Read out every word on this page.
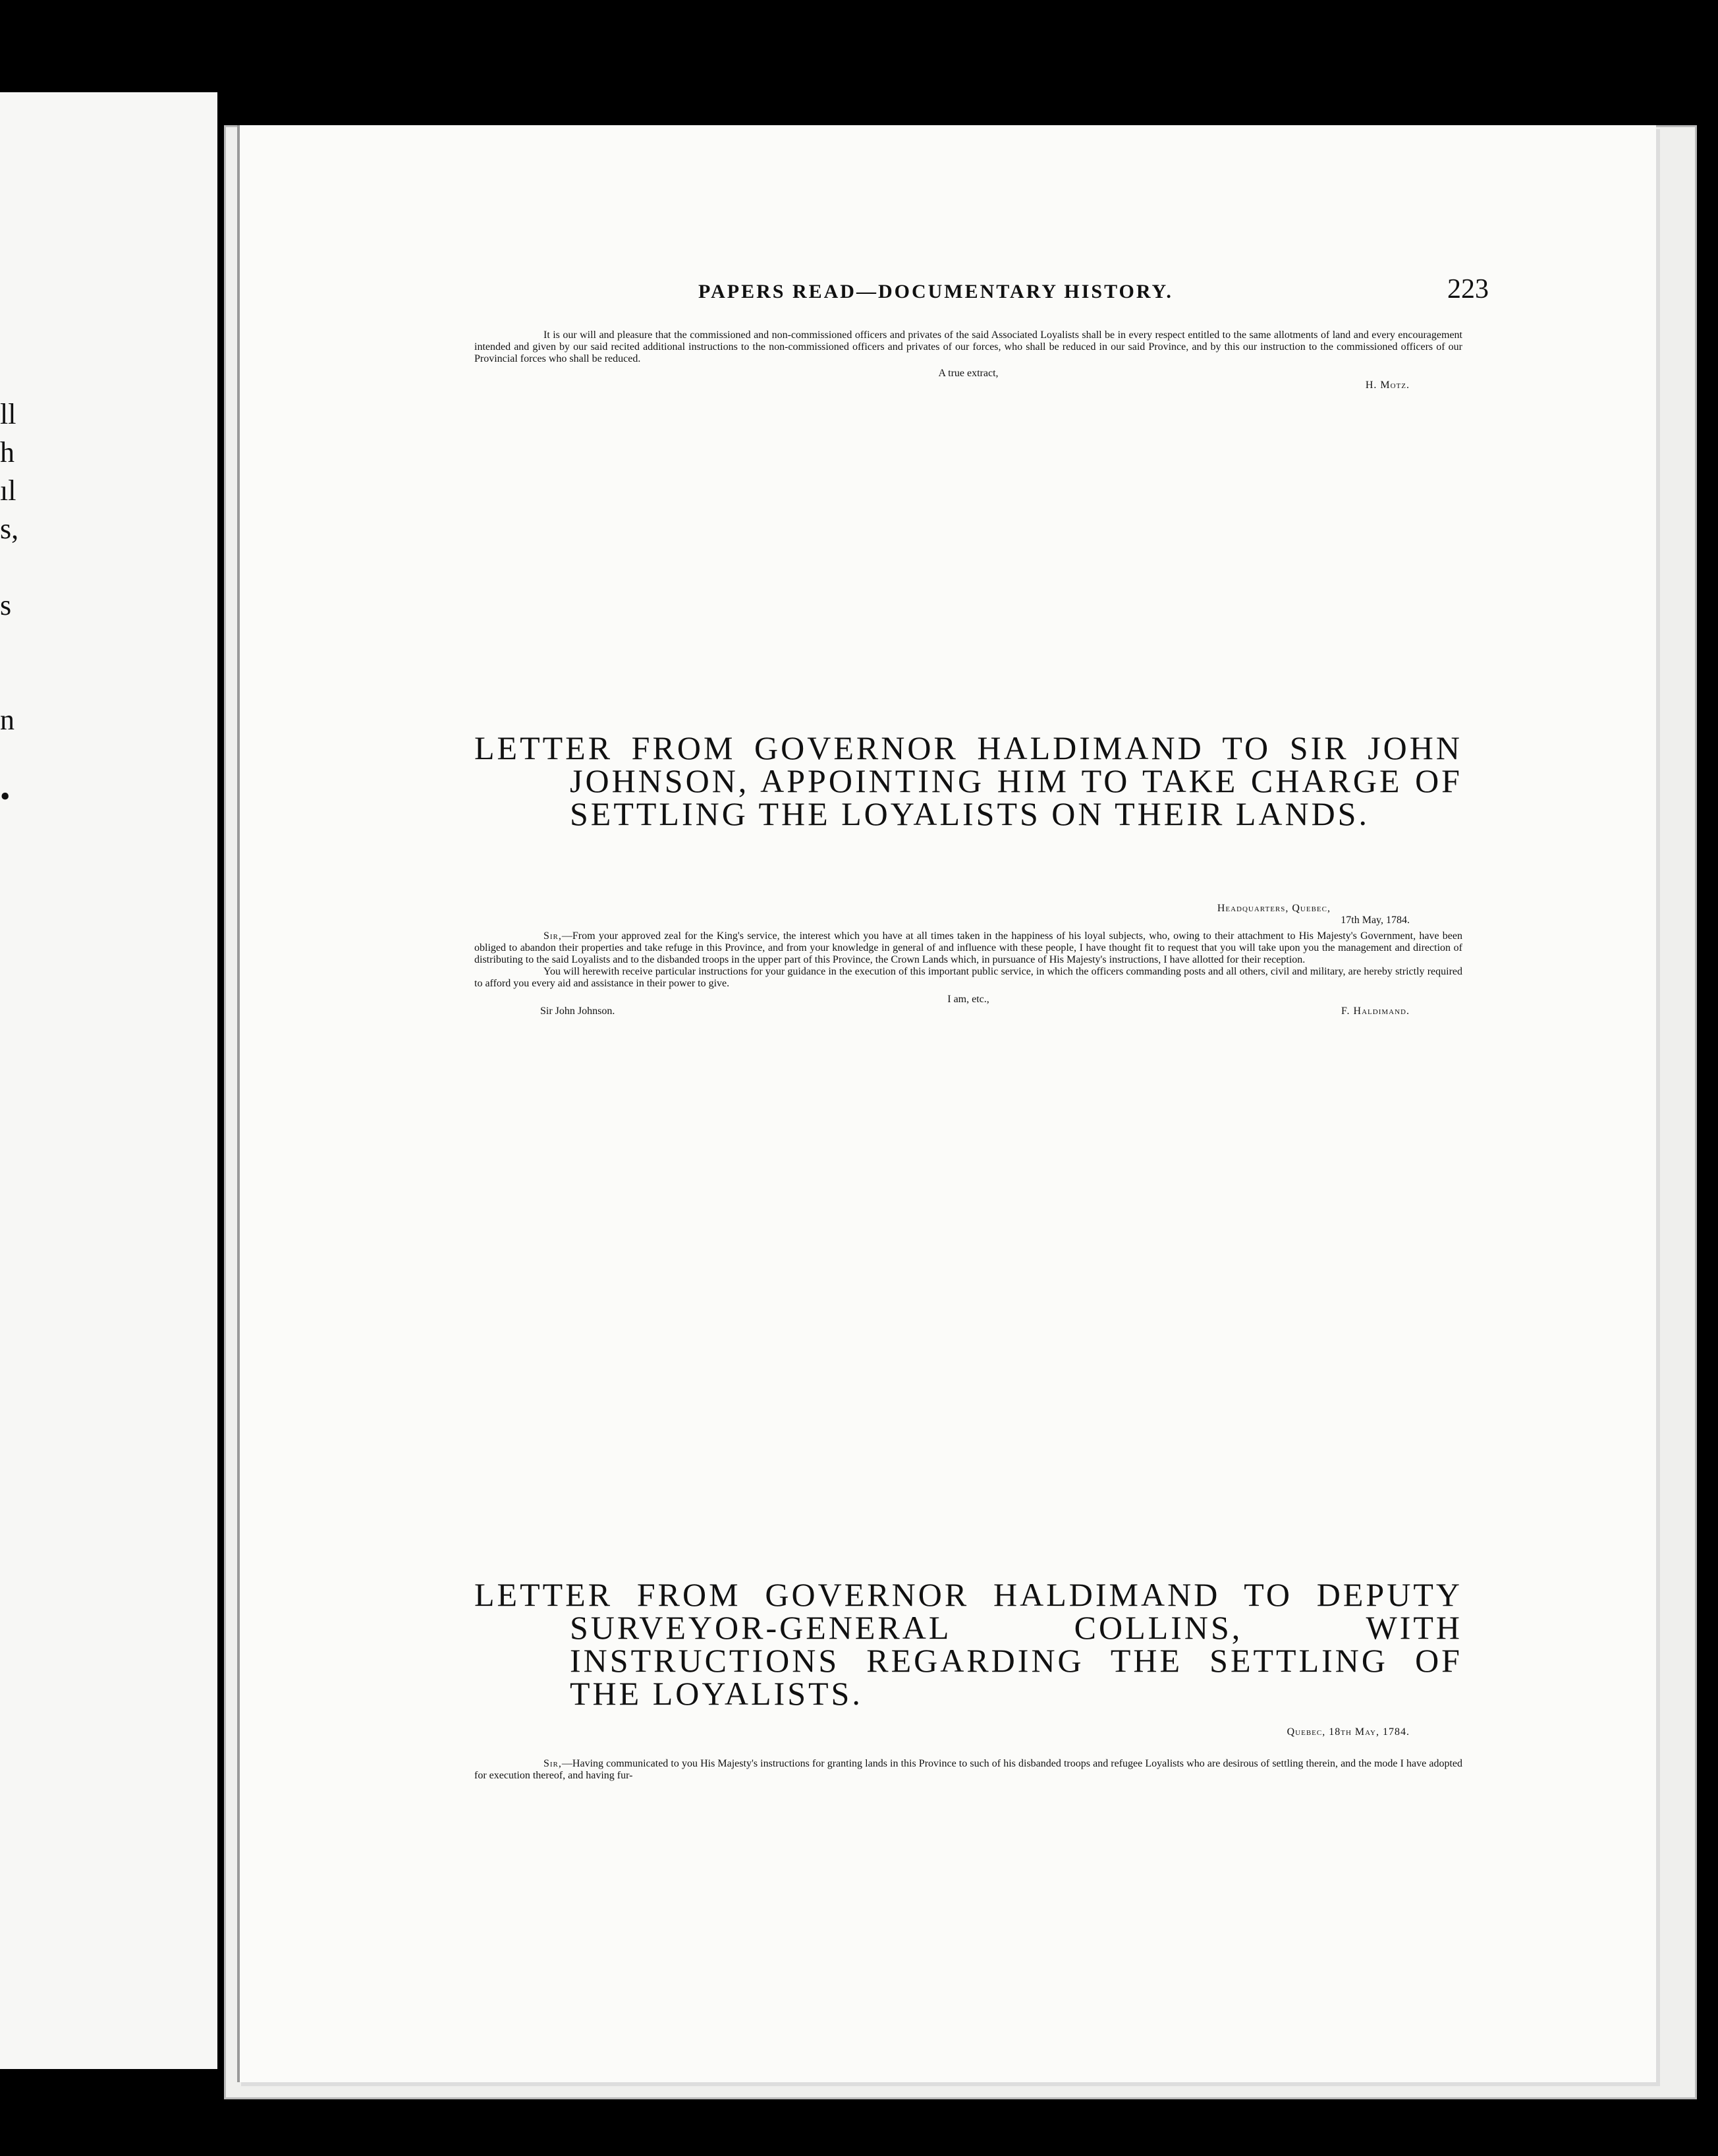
ll
h
ıl
s,
s
n
•
PAPERS READ—DOCUMENTARY HISTORY.	223

It is our will and pleasure that the commissioned and non-commissioned officers and privates of the said Associated Loyalists shall be in every respect entitled to the same allotments of land and every encouragement intended and given by our said recited additional instructions to the non-commissioned officers and privates of our forces, who shall be reduced in our said Province, and by this our instruction to the commissioned officers of our Provincial forces who shall be reduced.

A true extract,

H. Motz.

LETTER FROM GOVERNOR HALDIMAND TO SIR JOHN JOHNSON, APPOINTING HIM TO TAKE CHARGE OF SETTLING THE LOYALISTS ON THEIR LANDS.

Headquarters, Quebec,

17th May, 1784.

Sir,—From your approved zeal for the King's service, the interest which you have at all times taken in the happiness of his loyal subjects, who, owing to their attachment to His Majesty's Government, have been obliged to abandon their properties and take refuge in this Province, and from your knowledge in general of and influence with these people, I have thought fit to request that you will take upon you the management and direction of distributing to the said Loyalists and to the disbanded troops in the upper part of this Province, the Crown Lands which, in pursuance of His Majesty's instructions, I have allotted for their reception.

You will herewith receive particular instructions for your guidance in the execution of this important public service, in which the officers commanding posts and all others, civil and military, are hereby strictly required to afford you every aid and assistance in their power to give.

I am, etc.,

Sir John Johnson.	F. Haldimand.

LETTER FROM GOVERNOR HALDIMAND TO DEPUTY SURVEYOR-GENERAL COLLINS, WITH INSTRUCTIONS REGARDING THE SETTLING OF THE LOYALISTS.

Quebec, 18th May, 1784.

Sir,—Having communicated to you His Majesty's instructions for granting lands in this Province to such of his disbanded troops and refugee Loyalists who are desirous of settling therein, and the mode I have adopted for execution thereof, and having fur-
